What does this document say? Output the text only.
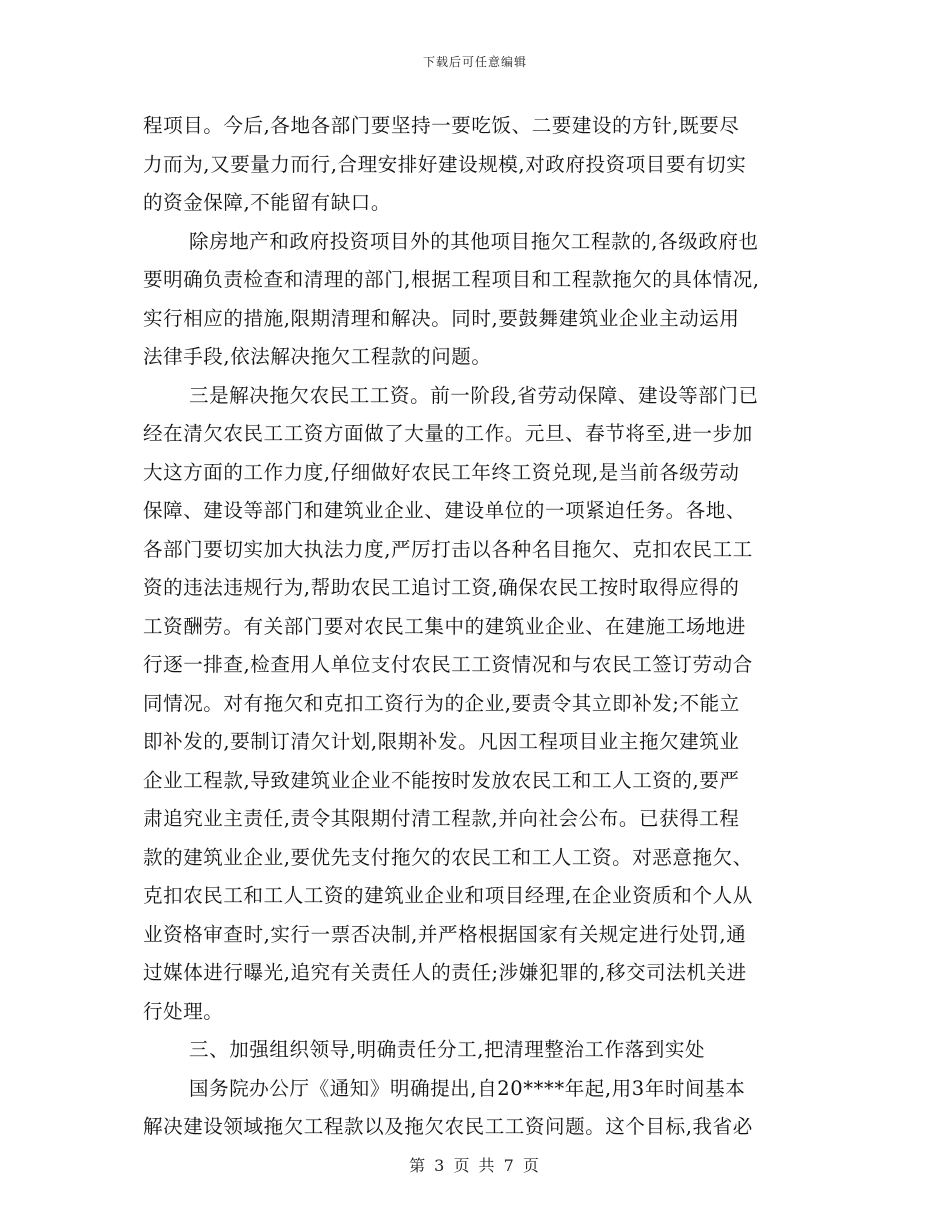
下载后可任意编辑
程项目。今后,各地各部门要坚持一要吃饭、二要建设的方针,既要尽
力而为,又要量力而行,合理安排好建设规模,对政府投资项目要有切实
的资金保障,不能留有缺口。
除房地产和政府投资项目外的其他项目拖欠工程款的,各级政府也
要明确负责检查和清理的部门,根据工程项目和工程款拖欠的具体情况,
实行相应的措施,限期清理和解决。同时,要鼓舞建筑业企业主动运用
法律手段,依法解决拖欠工程款的问题。
三是解决拖欠农民工工资。前一阶段,省劳动保障、建设等部门已
经在清欠农民工工资方面做了大量的工作。元旦、春节将至,进一步加
大这方面的工作力度,仔细做好农民工年终工资兑现,是当前各级劳动
保障、建设等部门和建筑业企业、建设单位的一项紧迫任务。各地、
各部门要切实加大执法力度,严厉打击以各种名目拖欠、克扣农民工工
资的违法违规行为,帮助农民工追讨工资,确保农民工按时取得应得的
工资酬劳。有关部门要对农民工集中的建筑业企业、在建施工场地进
行逐一排查,检查用人单位支付农民工工资情况和与农民工签订劳动合
同情况。对有拖欠和克扣工资行为的企业,要责令其立即补发;不能立
即补发的,要制订清欠计划,限期补发。凡因工程项目业主拖欠建筑业
企业工程款,导致建筑业企业不能按时发放农民工和工人工资的,要严
肃追究业主责任,责令其限期付清工程款,并向社会公布。已获得工程
款的建筑业企业,要优先支付拖欠的农民工和工人工资。对恶意拖欠、
克扣农民工和工人工资的建筑业企业和项目经理,在企业资质和个人从
业资格审查时,实行一票否决制,并严格根据国家有关规定进行处罚,通
过媒体进行曝光,追究有关责任人的责任;涉嫌犯罪的,移交司法机关进
行处理。
三、加强组织领导,明确责任分工,把清理整治工作落到实处
国务院办公厅《通知》明确提出,自20****年起,用3年时间基本
解决建设领域拖欠工程款以及拖欠农民工工资问题。这个目标,我省必
第 3 页 共 7 页
